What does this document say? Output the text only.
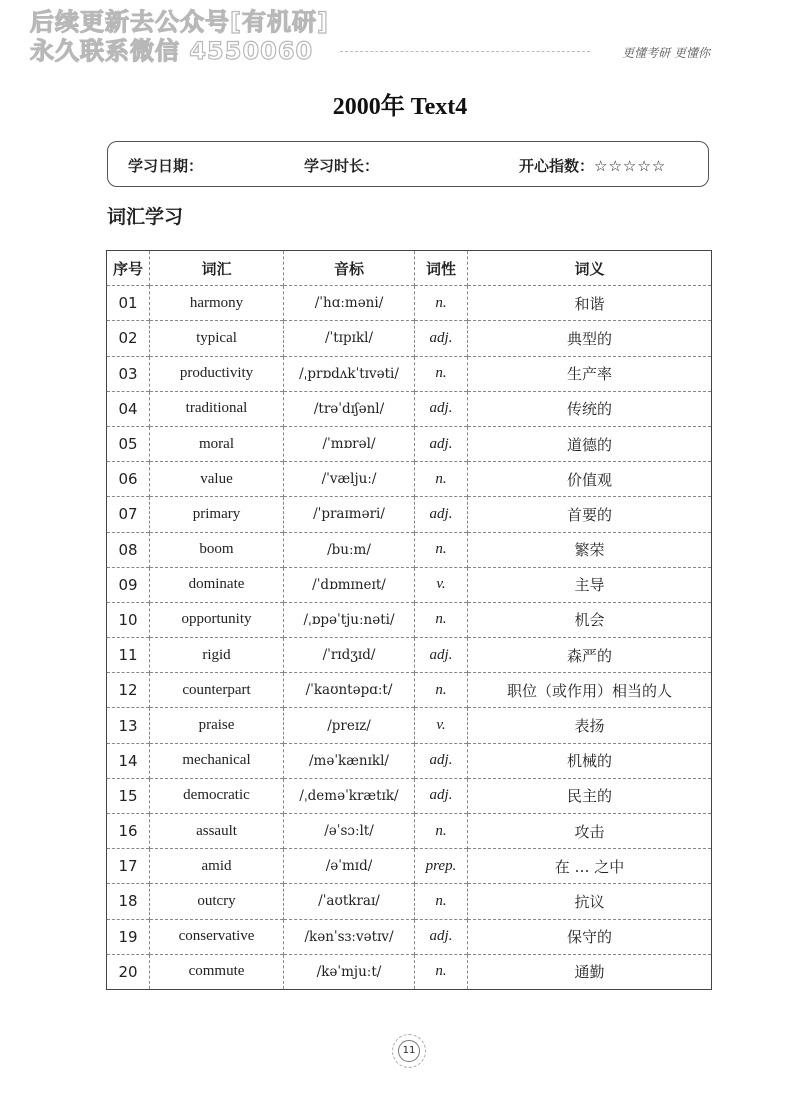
后续更新去公众号[有机研]
永久联系微信 4550060	更懂考研 更懂你
2000年 Text4
学习日期：	学习时长：	开心指数：☆☆☆☆☆
词汇学习
序号	词汇	音标	词性	词义
01	harmony	/ˈhɑːməni/	n.	和谐
02	typical	/ˈtɪpɪkl/	adj.	典型的
03	productivity	/ˌprɒdʌkˈtɪvəti/	n.	生产率
04	traditional	/trəˈdɪʃənl/	adj.	传统的
05	moral	/ˈmɒrəl/	adj.	道德的
06	value	/ˈvæljuː/	n.	价值观
07	primary	/ˈpraɪməri/	adj.	首要的
08	boom	/buːm/	n.	繁荣
09	dominate	/ˈdɒmɪneɪt/	v.	主导
10	opportunity	/ˌɒpəˈtjuːnəti/	n.	机会
11	rigid	/ˈrɪdʒɪd/	adj.	森严的
12	counterpart	/ˈkaʊntəpɑːt/	n.	职位（或作用）相当的人
13	praise	/preɪz/	v.	表扬
14	mechanical	/məˈkænɪkl/	adj.	机械的
15	democratic	/ˌdeməˈkrætɪk/	adj.	民主的
16	assault	/əˈsɔːlt/	n.	攻击
17	amid	/əˈmɪd/	prep.	在 … 之中
18	outcry	/ˈaʊtkraɪ/	n.	抗议
19	conservative	/kənˈsɜːvətɪv/	adj.	保守的
20	commute	/kəˈmjuːt/	n.	通勤
11
